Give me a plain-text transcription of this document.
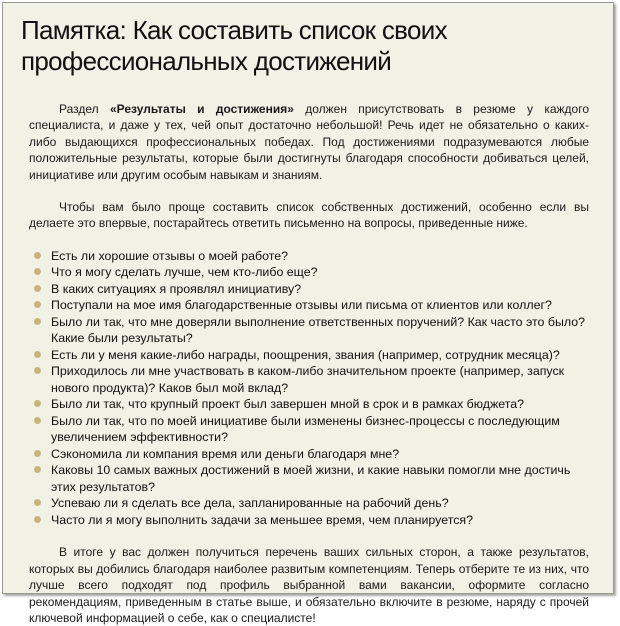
Памятка: Как составить список своих профессиональных достижений

Раздел «Результаты и достижения» должен присутствовать в резюме у каждого специалиста, и даже у тех, чей опыт достаточно небольшой! Речь идет не обязательно о каких-либо выдающихся профессиональных победах. Под достижениями подразумеваются любые положительные результаты, которые были достигнуты благодаря способности добиваться целей, инициативе или другим особым навыкам и знаниям.

Чтобы вам было проще составить список собственных достижений, особенно если вы делаете это впервые, постарайтесь ответить письменно на вопросы, приведенные ниже.

Есть ли хорошие отзывы о моей работе?
Что я могу сделать лучше, чем кто-либо еще?
В каких ситуациях я проявлял инициативу?
Поступали на мое имя благодарственные отзывы или письма от клиентов или коллег?
Было ли так, что мне доверяли выполнение ответственных поручений? Как часто это было? Какие были результаты?
Есть ли у меня какие-либо награды, поощрения, звания (например, сотрудник месяца)?
Приходилось ли мне участвовать в каком-либо значительном проекте (например, запуск нового продукта)? Каков был мой вклад?
Было ли так, что крупный проект был завершен мной в срок и в рамках бюджета?
Было ли так, что по моей инициативе были изменены бизнес-процессы с последующим увеличением эффективности?
Сэкономила ли компания время или деньги благодаря мне?
Каковы 10 самых важных достижений в моей жизни, и какие навыки помогли мне достичь этих результатов?
Успеваю ли я сделать все дела, запланированные на рабочий день?
Часто ли я могу выполнить задачи за меньшее время, чем планируется?

В итоге у вас должен получиться перечень ваших сильных сторон, а также результатов, которых вы добились благодаря наиболее развитым компетенциям. Теперь отберите те из них, что лучше всего подходят под профиль выбранной вами вакансии, оформите согласно рекомендациям, приведенным в статье выше, и обязательно включите в резюме, наряду с прочей ключевой информацией о себе, как о специалисте!
